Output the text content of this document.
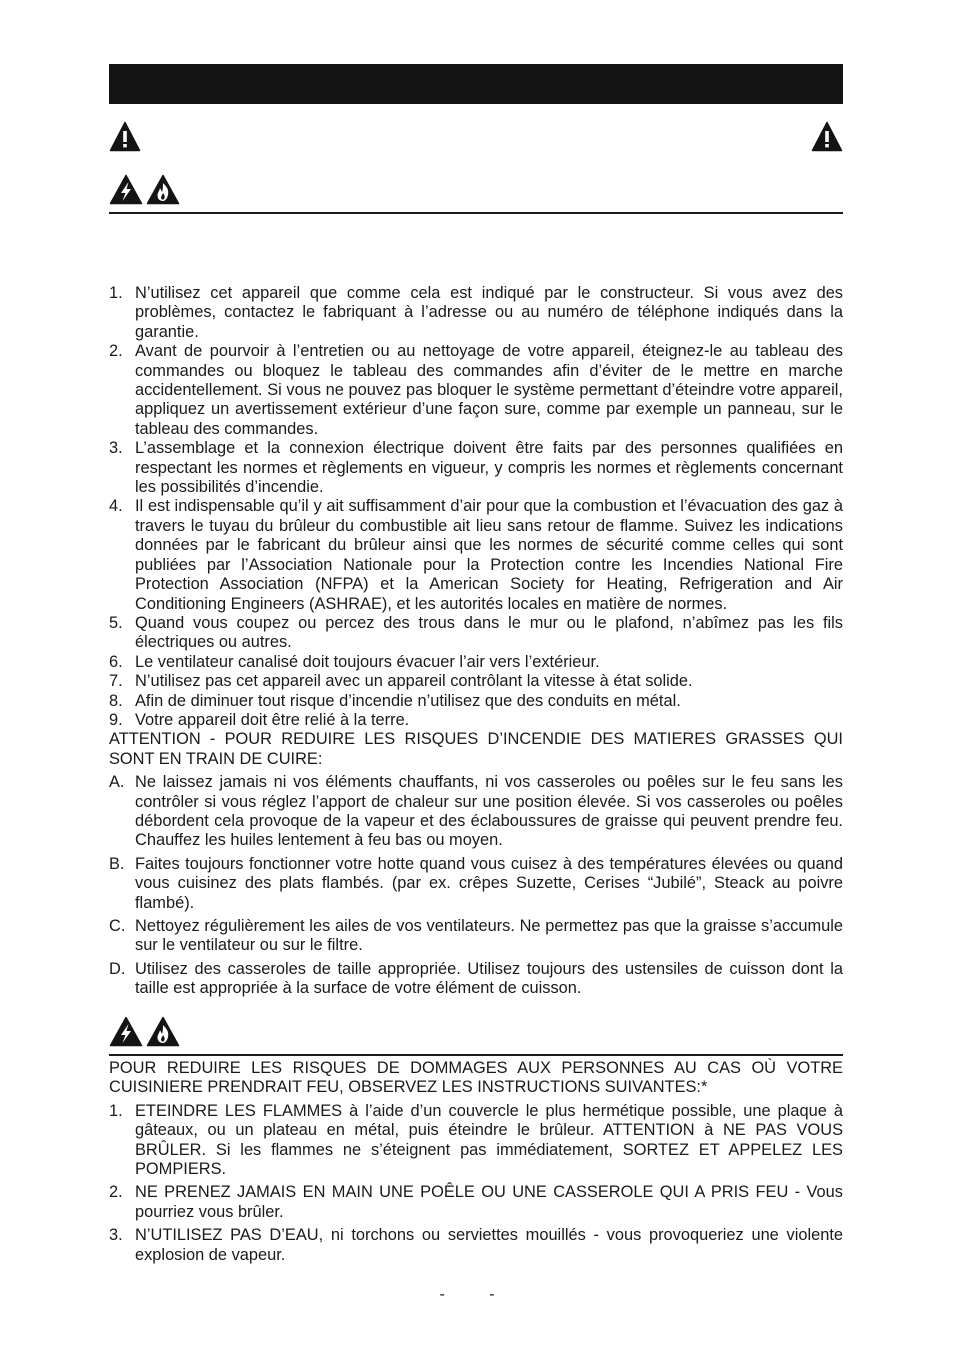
1. N’utilisez cet appareil que comme cela est indiqué par le constructeur. Si vous avez des problèmes, contactez le fabriquant à l’adresse ou au numéro de téléphone indiqués dans la garantie.
2. Avant de pourvoir à l’entretien ou au nettoyage de votre appareil, éteignez-le au tableau des commandes ou bloquez le tableau des commandes afin d’éviter de le mettre en marche accidentellement. Si vous ne pouvez pas bloquer le système permettant d’éteindre votre appareil, appliquez un avertissement extérieur d’une façon sure, comme par exemple un panneau, sur le tableau des commandes.
3. L’assemblage et la connexion électrique doivent être faits par des personnes qualifiées en respectant les normes et règlements en vigueur, y compris les normes et règlements concernant les possibilités d’incendie.
4. Il est indispensable qu’il y ait suffisamment d’air pour que la combustion et l’évacuation des gaz à travers le tuyau du brûleur du combustible ait lieu sans retour de flamme. Suivez les indications données par le fabricant du brûleur ainsi que les normes de sécurité comme celles qui sont publiées par l’Association Nationale pour la Protection contre les Incendies National Fire Protection Association (NFPA) et la American Society for Heating, Refrigeration and Air Conditioning Engineers (ASHRAE), et les autorités locales en matière de normes.
5. Quand vous coupez ou percez des trous dans le mur ou le plafond, n’abîmez pas les fils électriques ou autres.
6. Le ventilateur canalisé doit toujours évacuer l’air vers l’extérieur.
7. N’utilisez pas cet appareil avec un appareil contrôlant la vitesse à état solide.
8. Afin de diminuer tout risque d’incendie n’utilisez que des conduits en métal.
9. Votre appareil doit être relié à la terre.
ATTENTION - POUR REDUIRE LES RISQUES D’INCENDIE DES MATIERES GRASSES QUI SONT EN TRAIN DE CUIRE:
A. Ne laissez jamais ni vos éléments chauffants, ni vos casseroles ou poêles sur le feu sans les contrôler si vous réglez l’apport de chaleur sur une position élevée. Si vos casseroles ou poêles débordent cela provoque de la vapeur et des éclaboussures de graisse qui peuvent prendre feu. Chauffez les huiles lentement à feu bas ou moyen.
B. Faites toujours fonctionner votre hotte quand vous cuisez à des températures élevées ou quand vous cuisinez des plats flambés. (par ex. crêpes Suzette, Cerises “Jubilé”, Steack au poivre flambé).
C. Nettoyez régulièrement les ailes de vos ventilateurs. Ne permettez pas que la graisse s’accumule sur le ventilateur ou sur le filtre.
D. Utilisez des casseroles de taille appropriée. Utilisez toujours des ustensiles de cuisson dont la taille est appropriée à la surface de votre élément de cuisson.
POUR REDUIRE LES RISQUES DE DOMMAGES AUX PERSONNES AU CAS OÙ VOTRE CUISINIERE PRENDRAIT FEU, OBSERVEZ LES INSTRUCTIONS SUIVANTES:*
1. ETEINDRE LES FLAMMES à l’aide d’un couvercle le plus hermétique possible, une plaque à gâteaux, ou un plateau en métal, puis éteindre le brûleur. ATTENTION à NE PAS VOUS BRÛLER. Si les flammes ne s’éteignent pas immédiatement, SORTEZ ET APPELEZ LES POMPIERS.
2. NE PRENEZ JAMAIS EN MAIN UNE POÊLE OU UNE CASSEROLE QUI A PRIS FEU - Vous pourriez vous brûler.
3. N’UTILISEZ PAS D’EAU, ni torchons ou serviettes mouillés - vous provoqueriez une violente explosion de vapeur.
- -
